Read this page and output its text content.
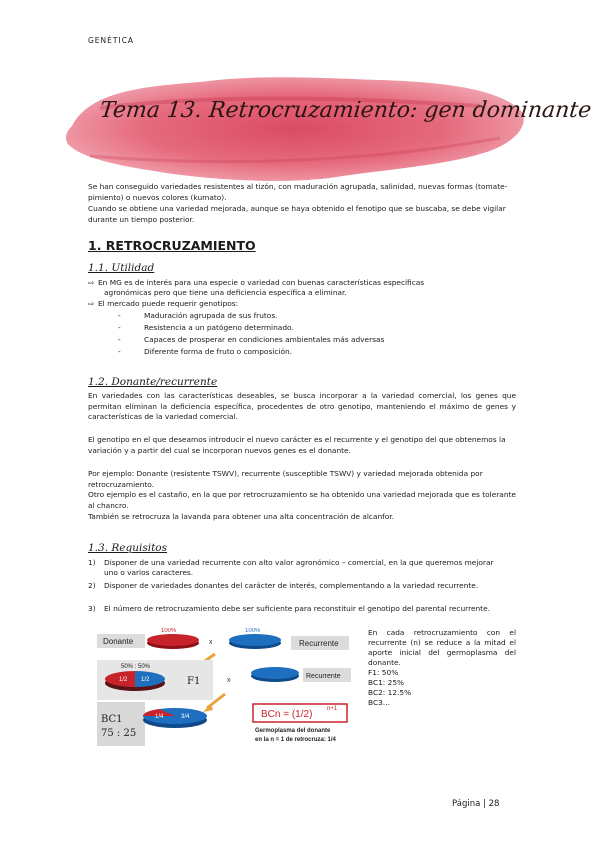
GENÉTICA
Tema 13. Retrocruzamiento: gen dominante
Se han conseguido variedades resistentes al tizón, con maduración agrupada, salinidad, nuevas formas (tomate-pimiento) o nuevos colores (kumato).
Cuando se obtiene una variedad mejorada, aunque se haya obtenido el fenotipo que se buscaba, se debe vigilar durante un tiempo posterior.
1. RETROCRUZAMIENTO
1.1. Utilidad
⇨ En MG es de interés para una especie o variedad con buenas características específicas
agronómicas pero que tiene una deficiencia específica a eliminar.
⇨ El mercado puede requerir genotipos:
-	Maduración agrupada de sus frutos.
-	Resistencia a un patógeno determinado.
-	Capaces de prosperar en condiciones ambientales más adversas
-	Diferente forma de fruto o composición.
1.2. Donante/recurrente
En variedades con las características deseables, se busca incorporar a la variedad comercial, los genes que permitan eliminan la deficiencia específica, procedentes de otro genotipo, manteniendo el máximo de genes y características de la variedad comercial.
El genotipo en el que deseamos introducir el nuevo carácter es el recurrente y el genotipo del que obtenemos la variación y a partir del cual se incorporan nuevos genes es el donante.
Por ejemplo: Donante (resistente TSWV), recurrente (susceptible TSWV) y variedad mejorada obtenida por retrocruzamiento.
Otro ejemplo es el castaño, en la que por retrocruzamiento se ha obtenido una variedad mejorada que es tolerante al chancro.
También se retrocruza la lavanda para obtener una alta concentración de alcanfor.
1.3. Requisitos
1) Disponer de una variedad recurrente con alto valor agronómico – comercial, en la que queremos mejorar uno o varios caracteres.
2) Disponer de variedades donantes del carácter de interés, complementando a la variedad recurrente.
3) El número de retrocruzamiento debe ser suficiente para reconstituir el genotipo del parental recurrente.
Donante
100%
x
100%
Recurrente
50% : 50%
1/2 1/2	F1	x
Recurrente
BC1
75 : 25
1/4	3/4	BCn = (1/2) n+1
Germoplasma del donante
en la n = 1 de retrocruza: 1/4
En cada retrocruzamiento con el recurrente (n) se reduce a la mitad el aporte inicial del germoplasma del donante.
F1: 50%
BC1: 25%
BC2: 12.5%
BC3…
Página | 28
